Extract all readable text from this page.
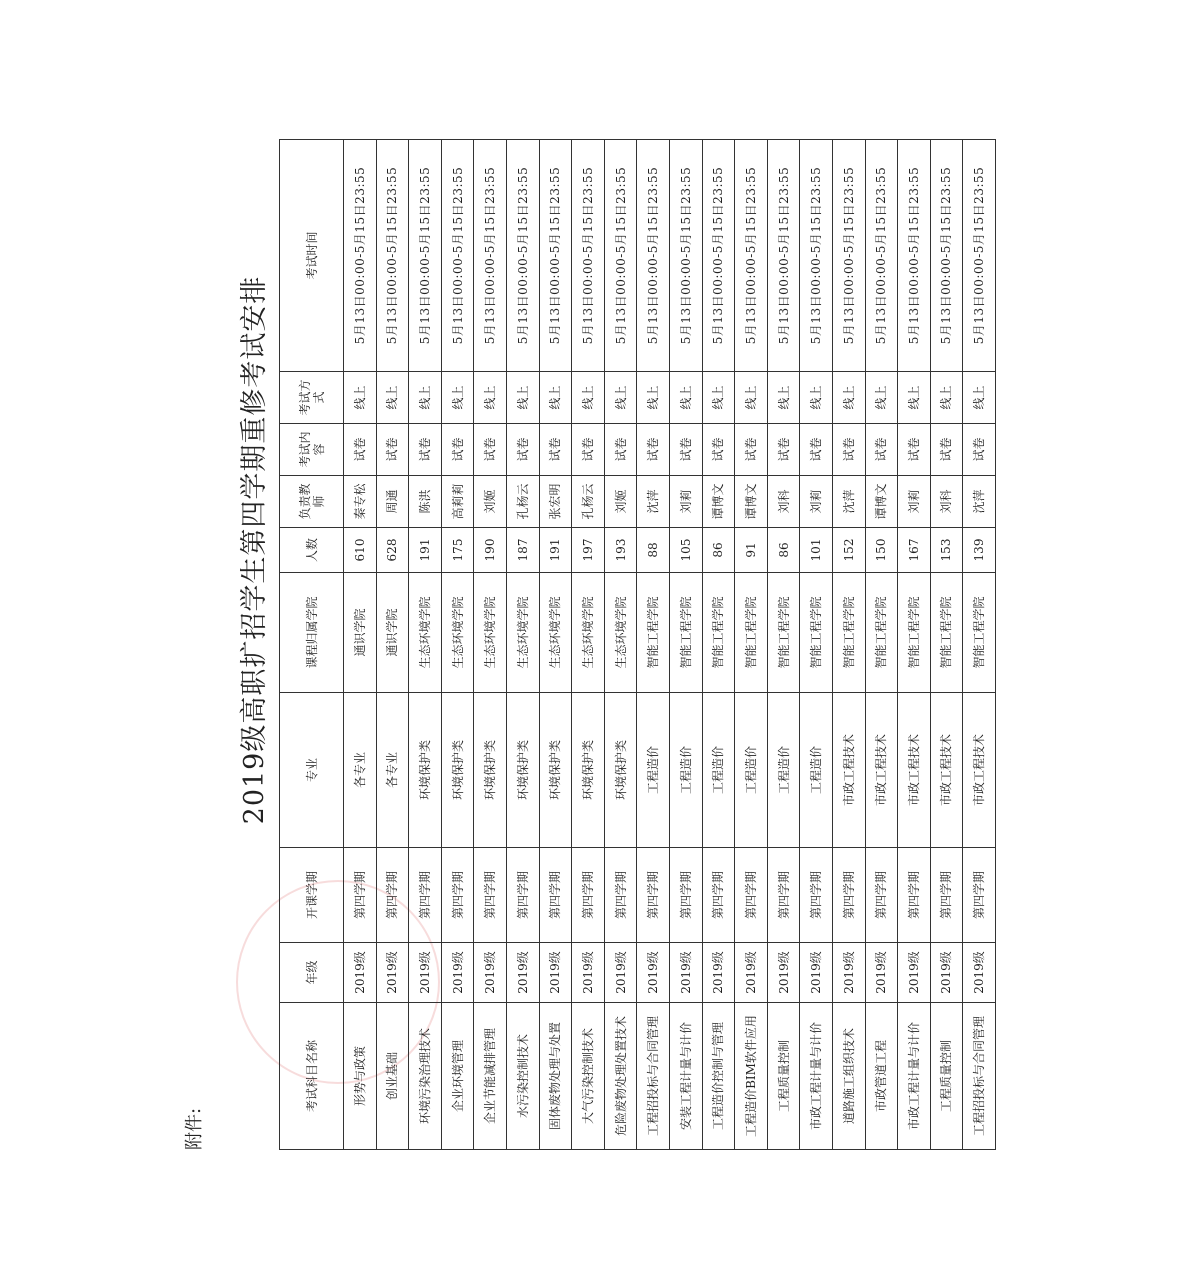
附件:
2019级高职扩招学生第四学期重修考试安排
考试科目名称	年级	开课学期	专业	课程归属学院	人数	负责教师	考试内容	考试方式	考试时间
形势与政策	2019级	第四学期	各专业	通识学院	610	秦专松	试卷	线上	5月13日00:00-5月15日23:55
创业基础	2019级	第四学期	各专业	通识学院	628	周通	试卷	线上	5月13日00:00-5月15日23:55
环境污染治理技术	2019级	第四学期	环境保护类	生态环境学院	191	陈洪	试卷	线上	5月13日00:00-5月15日23:55
企业环境管理	2019级	第四学期	环境保护类	生态环境学院	175	高莉莉	试卷	线上	5月13日00:00-5月15日23:55
企业节能减排管理	2019级	第四学期	环境保护类	生态环境学院	190	刘姬	试卷	线上	5月13日00:00-5月15日23:55
水污染控制技术	2019级	第四学期	环境保护类	生态环境学院	187	孔杨云	试卷	线上	5月13日00:00-5月15日23:55
固体废物处理与处置	2019级	第四学期	环境保护类	生态环境学院	191	张宏明	试卷	线上	5月13日00:00-5月15日23:55
大气污染控制技术	2019级	第四学期	环境保护类	生态环境学院	197	孔杨云	试卷	线上	5月13日00:00-5月15日23:55
危险废物处理处置技术	2019级	第四学期	环境保护类	生态环境学院	193	刘姬	试卷	线上	5月13日00:00-5月15日23:55
工程招投标与合同管理	2019级	第四学期	工程造价	智能工程学院	88	沈萍	试卷	线上	5月13日00:00-5月15日23:55
安装工程计量与计价	2019级	第四学期	工程造价	智能工程学院	105	刘莉	试卷	线上	5月13日00:00-5月15日23:55
工程造价控制与管理	2019级	第四学期	工程造价	智能工程学院	86	谭博文	试卷	线上	5月13日00:00-5月15日23:55
工程造价BIM软件应用	2019级	第四学期	工程造价	智能工程学院	91	谭博文	试卷	线上	5月13日00:00-5月15日23:55
工程质量控制	2019级	第四学期	工程造价	智能工程学院	86	刘科	试卷	线上	5月13日00:00-5月15日23:55
市政工程计量与计价	2019级	第四学期	工程造价	智能工程学院	101	刘莉	试卷	线上	5月13日00:00-5月15日23:55
道路施工组织技术	2019级	第四学期	市政工程技术	智能工程学院	152	沈萍	试卷	线上	5月13日00:00-5月15日23:55
市政管道工程	2019级	第四学期	市政工程技术	智能工程学院	150	谭博文	试卷	线上	5月13日00:00-5月15日23:55
市政工程计量与计价	2019级	第四学期	市政工程技术	智能工程学院	167	刘莉	试卷	线上	5月13日00:00-5月15日23:55
工程质量控制	2019级	第四学期	市政工程技术	智能工程学院	153	刘科	试卷	线上	5月13日00:00-5月15日23:55
工程招投标与合同管理	2019级	第四学期	市政工程技术	智能工程学院	139	沈萍	试卷	线上	5月13日00:00-5月15日23:55
